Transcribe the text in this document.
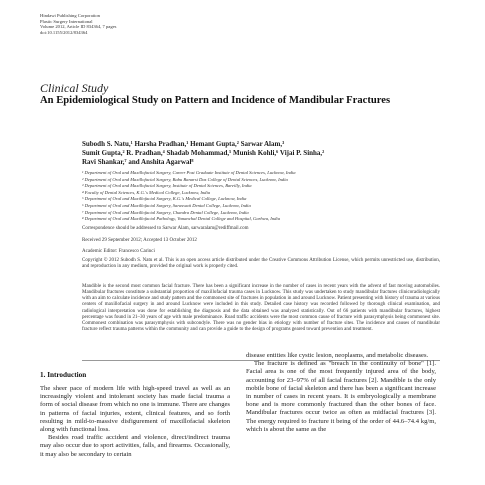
Hindawi Publishing Corporation
Plastic Surgery International
Volume 2012, Article ID 834364, 7 pages
doi:10.1155/2012/834364
Clinical Study
An Epidemiological Study on Pattern and Incidence of Mandibular Fractures
Subodh S. Natu,¹ Harsha Pradhan,¹ Hemant Gupta,² Sarwar Alam,³
Sumit Gupta,² R. Pradhan,⁴ Shadab Mohammad,⁵ Munish Kohli,⁶ Vijai P. Sinha,²
Ravi Shankar,⁷ and Anshita Agarwal⁸
¹ Department of Oral and Maxillofacial Surgery, Career Post Graduate Institute of Dental Sciences, Lucknow, India
² Department of Oral and Maxillofacial Surgery, Babu Banarsi Das College of Dental Sciences, Lucknow, India
³ Department of Oral and Maxillofacial Surgery, Institute of Dental Sciences, Bareilly, India
⁴ Faculty of Dental Sciences, K.G.'s Medical College, Lucknow, India
⁵ Department of Oral and Maxillofacial Surgery, K.G.'s Medical College, Lucknow, India
⁶ Department of Oral and Maxillofacial Surgery, Saraswati Dental College, Lucknow, India
⁷ Department of Oral and Maxillofacial Surgery, Chandra Dental College, Lucknow, India
⁸ Department of Oral and Maxillofacial Pathology, Vananchal Dental College and Hospital, Garhwa, India
Correspondence should be addressed to Sarwar Alam, sarwaralam@rediffmail.com
Received 29 September 2012; Accepted 13 October 2012
Academic Editor: Francesco Carinci
Copyright © 2012 Subodh S. Natu et al. This is an open access article distributed under the Creative Commons Attribution License, which permits unrestricted use, distribution, and reproduction in any medium, provided the original work is properly cited.
Mandible is the second most common facial fracture. There has been a significant increase in the number of cases in recent years with the advent of fast moving automobiles. Mandibular fractures constitute a substantial proportion of maxillofacial trauma cases in Lucknow. This study was undertaken to study mandibular fractures clinicoradiologically with an aim to calculate incidence and study pattern and the commonest site of fractures in population in and around Lucknow. Patient presenting with history of trauma at various centers of maxillofacial surgery in and around Lucknow were included in this study. Detailed case history was recorded followed by thorough clinical examination, and radiological interpretation was done for establishing the diagnosis and the data obtained was analyzed statistically. Out of 66 patients with mandibular fractures, highest percentage was found in 21–30 years of age with male predominance. Road traffic accidents were the most common cause of fracture with parasymphysis being commonest site. Commonest combination was parasymphysis with subcondyle. There was no gender bias in etiology with number of fracture sites. The incidence and causes of mandibular fracture reflect trauma patterns within the community and can provide a guide to the design of programs geared toward prevention and treatment.
1. Introduction

The sheer pace of modern life with high-speed travel as well as an increasingly violent and intolerant society has made facial trauma a form of social disease from which no one is immune. There are changes in patterns of facial injuries, extent, clinical features, and so forth resulting in mild-to-massive disfigurement of maxillofacial skeleton along with functional loss.

Besides road traffic accident and violence, direct/indirect trauma may also occur due to sport activities, falls, and firearms. Occasionally, it may also be secondary to certain

disease entities like cystic lesion, neoplasms, and metabolic diseases.

The fracture is defined as "breach in the continuity of bone" [1]. Facial area is one of the most frequently injured area of the body, accounting for 23–97% of all facial fractures [2]. Mandible is the only mobile bone of facial skeleton and there has been a significant increase in number of cases in recent years. It is embryologically a membrane bone and is more commonly fractured than the other bones of face. Mandibular fractures occur twice as often as midfacial fractures [3]. The energy required to fracture it being of the order of 44.6–74.4 kg/m, which is about the same as the
